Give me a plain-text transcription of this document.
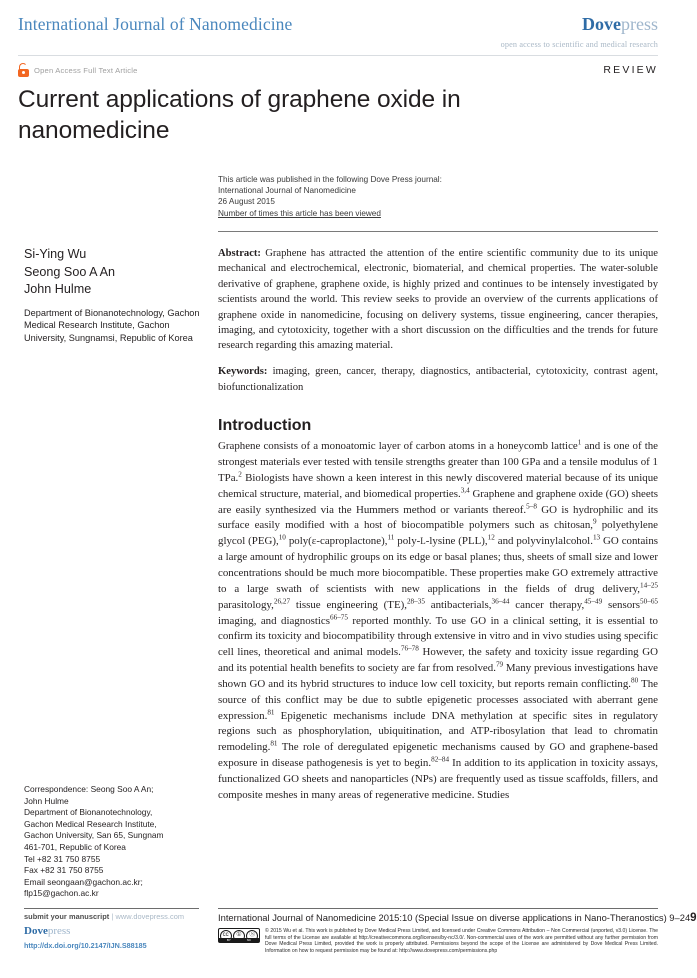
International Journal of Nanomedicine	Dovepress
open access to scientific and medical research
Open Access Full Text Article	REVIEW
Current applications of graphene oxide in nanomedicine
Si-Ying Wu
Seong Soo A An
John Hulme
Department of Bionanotechnology, Gachon Medical Research Institute, Gachon University, Sungnamsi, Republic of Korea
Correspondence: Seong Soo A An;
John Hulme
Department of Bionanotechnology,
Gachon Medical Research Institute,
Gachon University, San 65, Sungnam
461-701, Republic of Korea
Tel +82 31 750 8755
Fax +82 31 750 8755
Email seongaan@gachon.ac.kr;
flp15@gachon.ac.kr
This article was published in the following Dove Press journal:
International Journal of Nanomedicine
26 August 2015
Number of times this article has been viewed

Abstract: Graphene has attracted the attention of the entire scientific community due to its unique mechanical and electrochemical, electronic, biomaterial, and chemical properties. The water-soluble derivative of graphene, graphene oxide, is highly prized and continues to be intensely investigated by scientists around the world. This review seeks to provide an overview of the currents applications of graphene oxide in nanomedicine, focusing on delivery systems, tissue engineering, cancer therapies, imaging, and cytotoxicity, together with a short discussion on the difficulties and the trends for future research regarding this amazing material.

Keywords: imaging, green, cancer, therapy, diagnostics, antibacterial, cytotoxicity, contrast agent, biofunctionalization

Introduction

Graphene consists of a monoatomic layer of carbon atoms in a honeycomb lattice$^1$ and is one of the strongest materials ever tested with tensile strengths greater than 100 GPa and a tensile modulus of 1 TPa.$^2$ Biologists have shown a keen interest in this newly discovered material because of its unique chemical structure, material, and biomedical properties.$^{3,4}$ Graphene and graphene oxide (GO) sheets are easily synthesized via the Hummers method or variants thereof.$^{5-8}$ GO is hydrophilic and its surface easily modified with a host of biocompatible polymers such as chitosan,$^9$ polyethylene glycol (PEG),$^{10}$ poly(ε-caproplactone),$^{11}$ poly-L-lysine (PLL),$^{12}$ and polyvinylalcohol.$^{13}$ GO contains a large amount of hydrophilic groups on its edge or basal planes; thus, sheets of small size and lower concentrations should be much more biocompatible. These properties make GO extremely attractive to a large swath of scientists with new applications in the fields of drug delivery,$^{14-25}$ parasitology,$^{26,27}$ tissue engineering (TE),$^{28-35}$ antibacterials,$^{36-44}$ cancer therapy,$^{45-49}$ sensors$^{50-65}$ imaging, and diagnostics$^{66-75}$ reported monthly. To use GO in a clinical setting, it is essential to confirm its toxicity and biocompatibility through extensive in vitro and in vivo studies using specific cell lines, theoretical and animal models.$^{76-78}$ However, the safety and toxicity issue regarding GO and its potential health benefits to society are far from resolved.$^{79}$ Many previous investigations have shown GO and its hybrid structures to induce low cell toxicity, but reports remain conflicting.$^{80}$ The source of this conflict may be due to subtle epigenetic processes associated with aberrant gene expression.$^{81}$ Epigenetic mechanisms include DNA methylation at specific sites in regulatory regions such as phosphorylation, ubiquitination, and ATP-ribosylation that lead to chromatin remodeling.$^{81}$ The role of deregulated epigenetic mechanisms caused by GO and graphene-based exposure in disease pathogenesis is yet to begin.$^{82-84}$ In addition to its application in toxicity assays, functionalized GO sheets and nanoparticles (NPs) are frequently used as tissue scaffolds, fillers, and composite meshes in many areas of regenerative medicine. Studies

submit your manuscript | www.dovepress.com
Dovepress
http://dx.doi.org/10.2147/IJN.S88185
International Journal of Nanomedicine 2015:10 (Special Issue on diverse applications in Nano-Theranostics) 9–24 9
cc	①	Ⓢ
BY	NC
© 2015 Wu et al. This work is published by Dove Medical Press Limited, and licensed under Creative Commons Attribution – Non Commercial (unported, v3.0) License. The full terms of the License are available at http://creativecommons.org/licenses/by-nc/3.0/. Non-commercial uses of the work are permitted without any further permission from Dove Medical Press Limited, provided the work is properly attributed. Permissions beyond the scope of the License are administered by Dove Medical Press Limited. Information on how to request permission may be found at: http://www.dovepress.com/permissions.php
